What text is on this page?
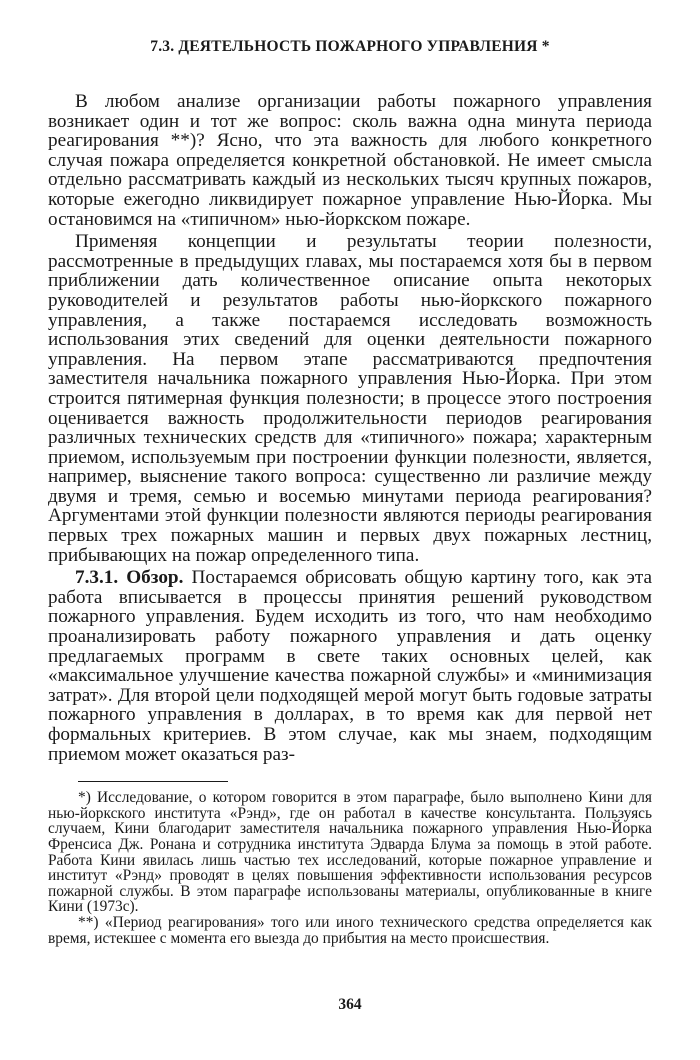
7.3. ДЕЯТЕЛЬНОСТЬ ПОЖАРНОГО УПРАВЛЕНИЯ *

В любом анализе организации работы пожарного управления возникает один и тот же вопрос: сколь важна одна минута периода реагирования **)? Ясно, что эта важность для любого конкретного случая пожара определяется конкретной обстановкой. Не имеет смысла отдельно рассматривать каждый из нескольких тысяч крупных пожаров, которые ежегодно ликвидирует пожарное управление Нью-Йорка. Мы остановимся на «типичном» нью-йоркском пожаре.

Применяя концепции и результаты теории полезности, рассмотренные в предыдущих главах, мы постараемся хотя бы в первом приближении дать количественное описание опыта некоторых руководителей и результатов работы нью-йоркского пожарного управления, а также постараемся исследовать возможность использования этих сведений для оценки деятельности пожарного управления. На первом этапе рассматриваются предпочтения заместителя начальника пожарного управления Нью-Йорка. При этом строится пятимерная функция полезности; в процессе этого построения оценивается важность продолжительности периодов реагирования различных технических средств для «типичного» пожара; характерным приемом, используемым при построении функции полезности, является, например, выяснение такого вопроса: существенно ли различие между двумя и тремя, семью и восемью минутами периода реагирования? Аргументами этой функции полезности являются периоды реагирования первых трех пожарных машин и первых двух пожарных лестниц, прибывающих на пожар определенного типа.

7.3.1. Обзор. Постараемся обрисовать общую картину того, как эта работа вписывается в процессы принятия решений руководством пожарного управления. Будем исходить из того, что нам необходимо проанализировать работу пожарного управления и дать оценку предлагаемых программ в свете таких основных целей, как «максимальное улучшение качества пожарной службы» и «минимизация затрат». Для второй цели подходящей мерой могут быть годовые затраты пожарного управления в долларах, в то время как для первой нет формальных критериев. В этом случае, как мы знаем, подходящим приемом может оказаться раз-

*) Исследование, о котором говорится в этом параграфе, было выполнено Кини для нью-йоркского института «Рэнд», где он работал в качестве консультанта. Пользуясь случаем, Кини благодарит заместителя начальника пожарного управления Нью-Йорка Френсиса Дж. Ронана и сотрудника института Эдварда Блума за помощь в этой работе. Работа Кини явилась лишь частью тех исследований, которые пожарное управление и институт «Рэнд» проводят в целях повышения эффективности использования ресурсов пожарной службы. В этом параграфе использованы материалы, опубликованные в книге Кини (1973с).

**) «Период реагирования» того или иного технического средства определяется как время, истекшее с момента его выезда до прибытия на место происшествия.

364
